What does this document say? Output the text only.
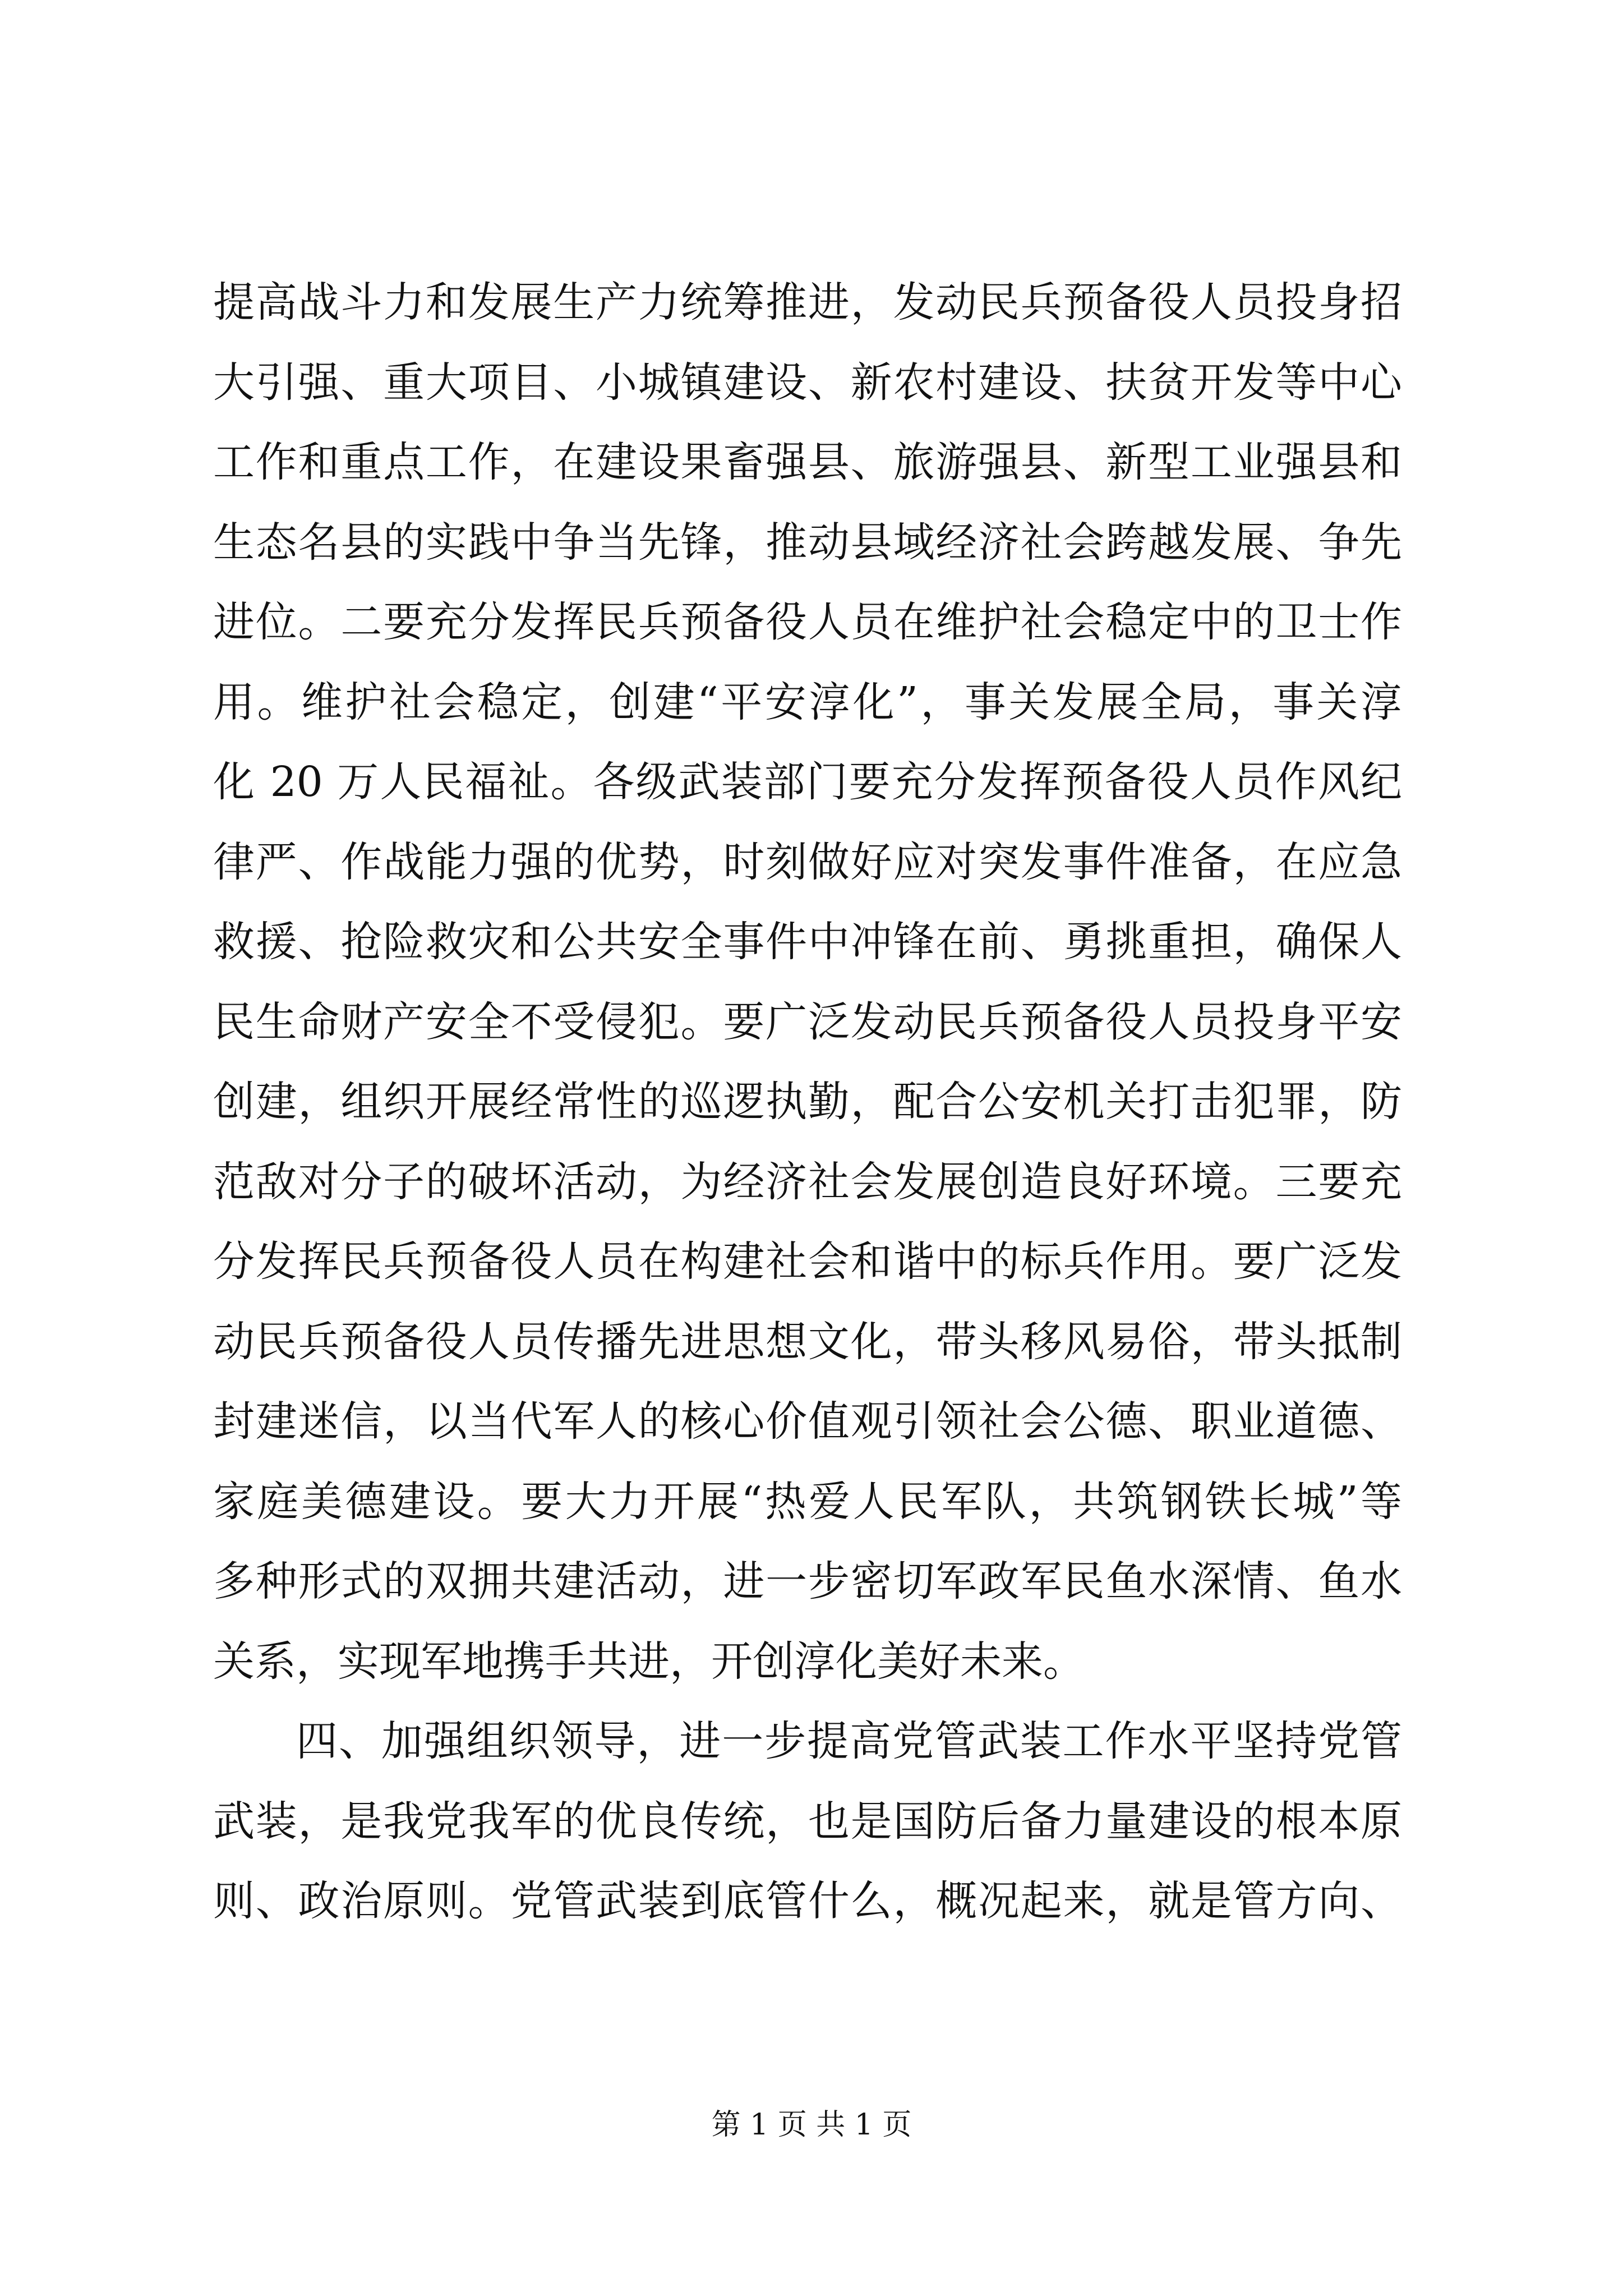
提高战斗力和发展生产力统筹推进，发动民兵预备役人员投身招
大引强、重大项目、小城镇建设、新农村建设、扶贫开发等中心
工作和重点工作，在建设果畜强县、旅游强县、新型工业强县和
生态名县的实践中争当先锋，推动县域经济社会跨越发展、争先
进位。二要充分发挥民兵预备役人员在维护社会稳定中的卫士作
用。维护社会稳定，创建“平安淳化”，事关发展全局，事关淳
化 20 万人民福祉。各级武装部门要充分发挥预备役人员作风纪
律严、作战能力强的优势，时刻做好应对突发事件准备，在应急
救援、抢险救灾和公共安全事件中冲锋在前、勇挑重担，确保人
民生命财产安全不受侵犯。要广泛发动民兵预备役人员投身平安
创建，组织开展经常性的巡逻执勤，配合公安机关打击犯罪，防
范敌对分子的破坏活动，为经济社会发展创造良好环境。三要充
分发挥民兵预备役人员在构建社会和谐中的标兵作用。要广泛发
动民兵预备役人员传播先进思想文化，带头移风易俗，带头抵制
封建迷信，以当代军人的核心价值观引领社会公德、职业道德、
家庭美德建设。要大力开展“热爱人民军队，共筑钢铁长城”等
多种形式的双拥共建活动，进一步密切军政军民鱼水深情、鱼水
关系，实现军地携手共进，开创淳化美好未来。
四、加强组织领导，进一步提高党管武装工作水平坚持党管
武装，是我党我军的优良传统，也是国防后备力量建设的根本原
则、政治原则。党管武装到底管什么，概况起来，就是管方向、
第 1 页 共 1 页
